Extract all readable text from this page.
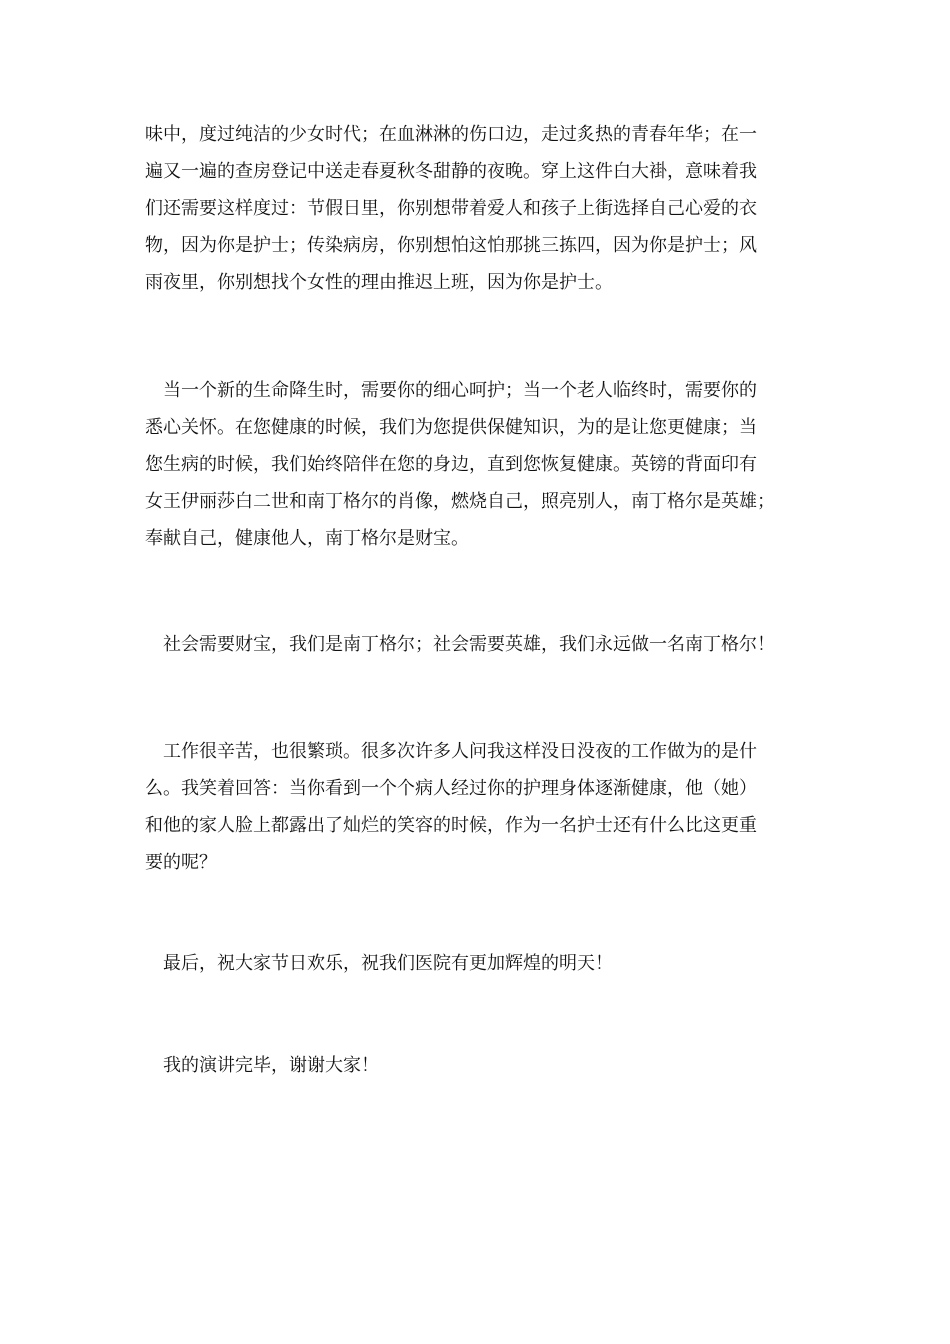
味中，度过纯洁的少女时代；在血淋淋的伤口边，走过炙热的青春年华；在一
遍又一遍的查房登记中送走春夏秋冬甜静的夜晚。穿上这件白大褂，意味着我
们还需要这样度过：节假日里，你别想带着爱人和孩子上街选择自己心爱的衣
物，因为你是护士；传染病房，你别想怕这怕那挑三拣四，因为你是护士；风
雨夜里，你别想找个女性的理由推迟上班，因为你是护士。

　当一个新的生命降生时，需要你的细心呵护；当一个老人临终时，需要你的
悉心关怀。在您健康的时候，我们为您提供保健知识，为的是让您更健康；当
您生病的时候，我们始终陪伴在您的身边，直到您恢复健康。英镑的背面印有
女王伊丽莎白二世和南丁格尔的肖像，燃烧自己，照亮别人，南丁格尔是英雄；
奉献自己，健康他人，南丁格尔是财宝。

　社会需要财宝，我们是南丁格尔；社会需要英雄，我们永远做一名南丁格尔！

　工作很辛苦，也很繁琐。很多次许多人问我这样没日没夜的工作做为的是什
么。我笑着回答：当你看到一个个病人经过你的护理身体逐渐健康，他（她）
和他的家人脸上都露出了灿烂的笑容的时候，作为一名护士还有什么比这更重
要的呢？

　最后，祝大家节日欢乐，祝我们医院有更加辉煌的明天！

　我的演讲完毕，谢谢大家！
